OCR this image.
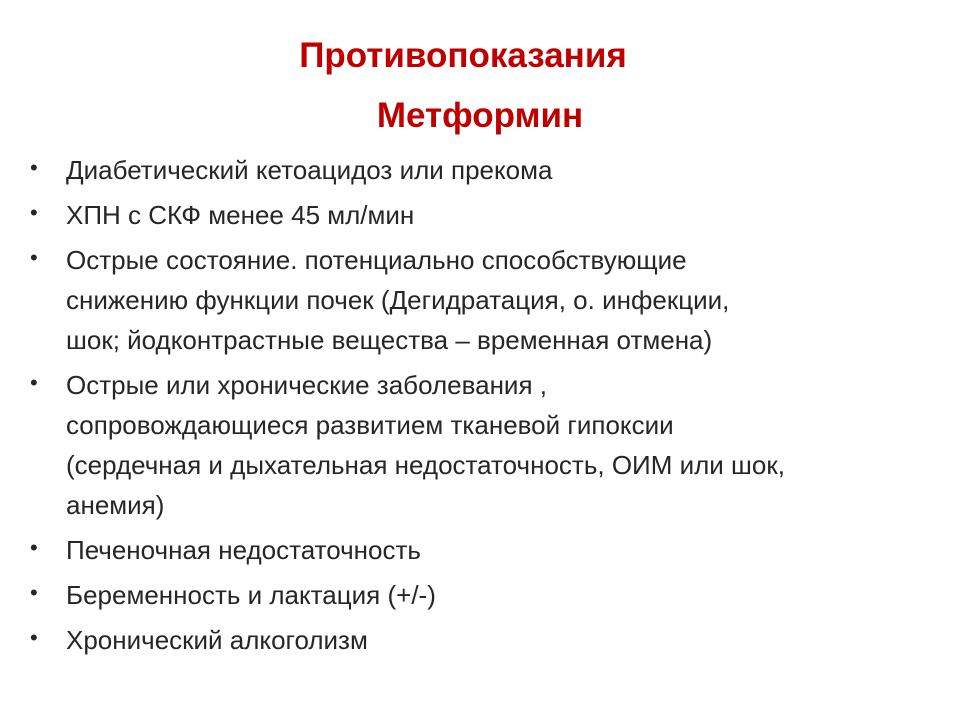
Противопоказания
Метформин
•	Диабетический кетоацидоз или прекома
•	ХПН с СКФ менее 45 мл/мин
•	Острые состояние. потенциально способствующие
снижению функции почек (Дегидратация, о. инфекции,
шок; йодконтрастные вещества – временная отмена)
•	Острые или хронические заболевания ,
сопровождающиеся развитием тканевой гипоксии
(сердечная и дыхательная недостаточность, ОИМ или шок,
анемия)
•	Печеночная недостаточность
•	Беременность и лактация (+/-)
•	Хронический алкоголизм
